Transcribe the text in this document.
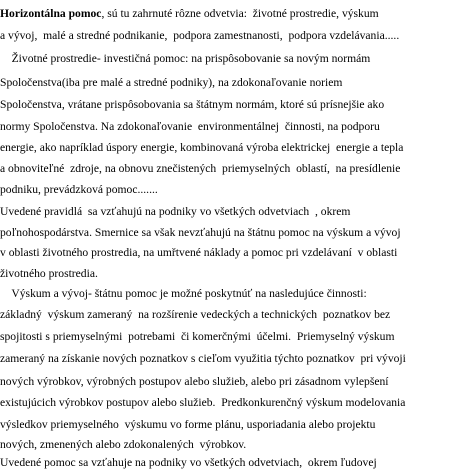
Horizontálna pomoc, sú tu zahrnuté rôzne odvetvia:  životné prostredie, výskum
a vývoj,  malé a stredné podnikanie,  podpora zamestnanosti,  podpora vzdelávania.....
Životné prostredie- investičná pomoc: na prispôsobovanie sa novým normám
Spoločenstva(iba pre malé a stredné podniky), na zdokonaľovanie noriem
Spoločenstva, vrátane prispôsobovania sa štátnym normám, ktoré sú prísnejšie ako
normy Spoločenstva. Na zdokonaľovanie  environmentálnej  činnosti, na podporu
energie, ako napríklad úspory energie, kombinovaná výroba elektrickej  energie a tepla
a obnoviteľné  zdroje, na obnovu znečistených  priemyselných  oblastí,  na presídlenie
podniku, prevádzková pomoc.......
Uvedené pravidlá  sa vzťahujú na podniky vo všetkých odvetviach  , okrem
poľnohospodárstva. Smernice sa však nevzťahujú na štátnu pomoc na výskum a vývoj
v oblasti životného prostredia, na umřtvené náklady a pomoc pri vzdelávaní  v oblasti
životného prostredia.
Výskum a vývoj- štátnu pomoc je možné poskytnúť na nasledujúce činnosti:
základný  výskum zameraný  na rozšírenie vedeckých a technických  poznatkov bez
spojitosti s priemyselnými  potrebami  či komerčnými  účelmi.  Priemyselný výskum
zameraný na získanie nových poznatkov s cieľom využitia týchto poznatkov  pri vývoji
nových výrobkov, výrobných postupov alebo služieb, alebo pri zásadnom vylepšení
existujúcich výrobkov postupov alebo služieb.  Predkonkurenčný výskum modelovania
výsledkov priemyselného  výskumu vo forme plánu, usporiadania alebo projektu
nových, zmenených alebo zdokonalených  výrobkov.
Uvedené pomoc sa vzťahuje na podniky vo všetkých odvetviach,  okrem ľudovej
